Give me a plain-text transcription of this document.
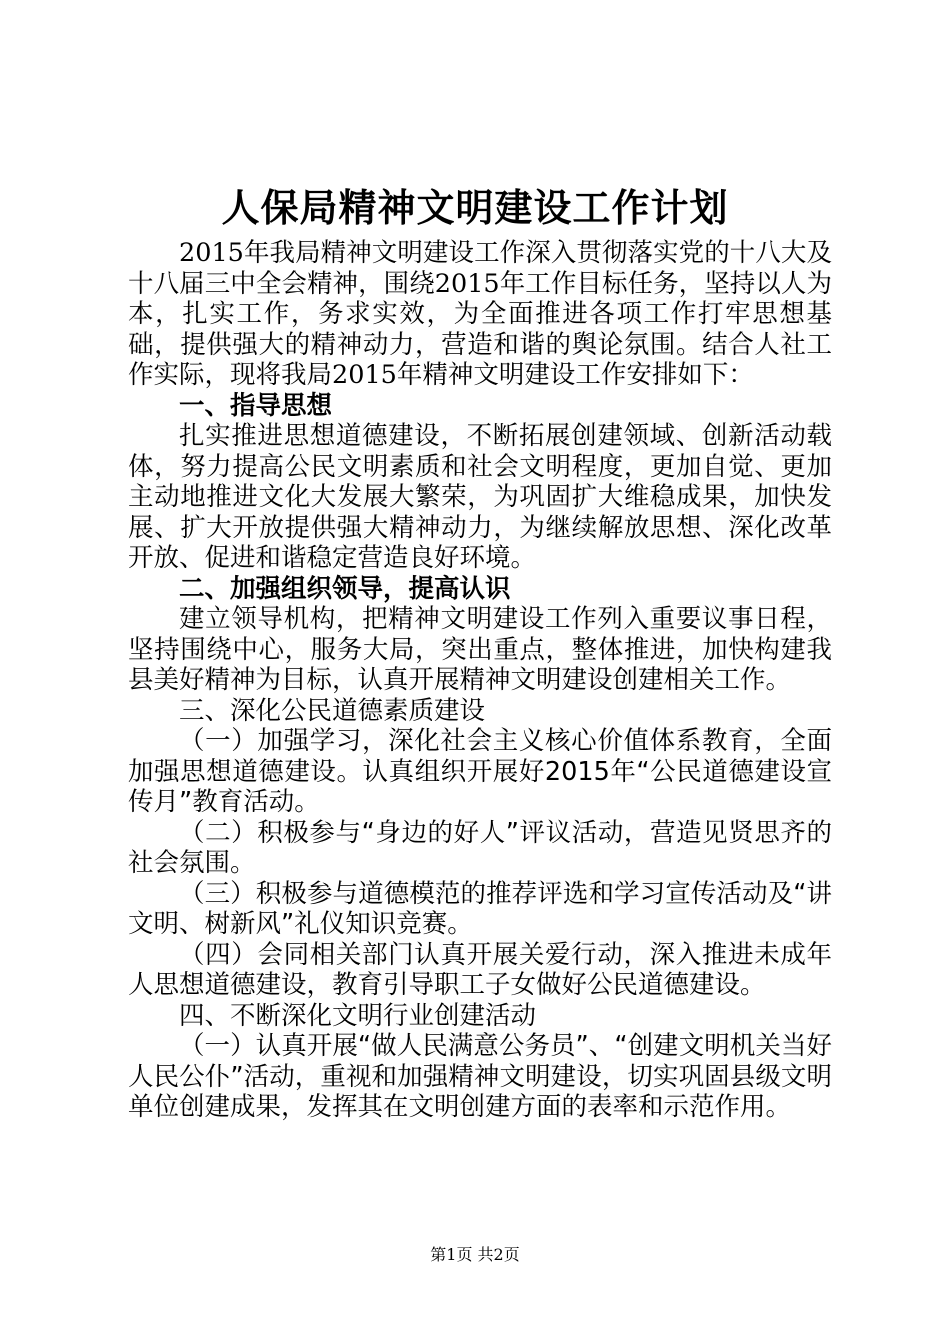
人保局精神文明建设工作计划

2015年我局精神文明建设工作深入贯彻落实党的十八大及十八届三中全会精神，围绕2015年工作目标任务，坚持以人为本，扎实工作，务求实效，为全面推进各项工作打牢思想基础，提供强大的精神动力，营造和谐的舆论氛围。结合人社工作实际，现将我局2015年精神文明建设工作安排如下：

一、指导思想

扎实推进思想道德建设，不断拓展创建领域、创新活动载体，努力提高公民文明素质和社会文明程度，更加自觉、更加主动地推进文化大发展大繁荣，为巩固扩大维稳成果，加快发展、扩大开放提供强大精神动力，为继续解放思想、深化改革开放、促进和谐稳定营造良好环境。

二、加强组织领导，提高认识

建立领导机构，把精神文明建设工作列入重要议事日程，坚持围绕中心，服务大局，突出重点，整体推进，加快构建我县美好精神为目标，认真开展精神文明建设创建相关工作。

三、深化公民道德素质建设

（一）加强学习，深化社会主义核心价值体系教育，全面加强思想道德建设。认真组织开展好2015年“公民道德建设宣传月”教育活动。

（二）积极参与“身边的好人”评议活动，营造见贤思齐的社会氛围。

（三）积极参与道德模范的推荐评选和学习宣传活动及“讲文明、树新风”礼仪知识竞赛。

（四）会同相关部门认真开展关爱行动，深入推进未成年人思想道德建设，教育引导职工子女做好公民道德建设。

四、不断深化文明行业创建活动

（一）认真开展“做人民满意公务员”、“创建文明机关当好人民公仆”活动，重视和加强精神文明建设，切实巩固县级文明单位创建成果，发挥其在文明创建方面的表率和示范作用。

第1页 共2页
